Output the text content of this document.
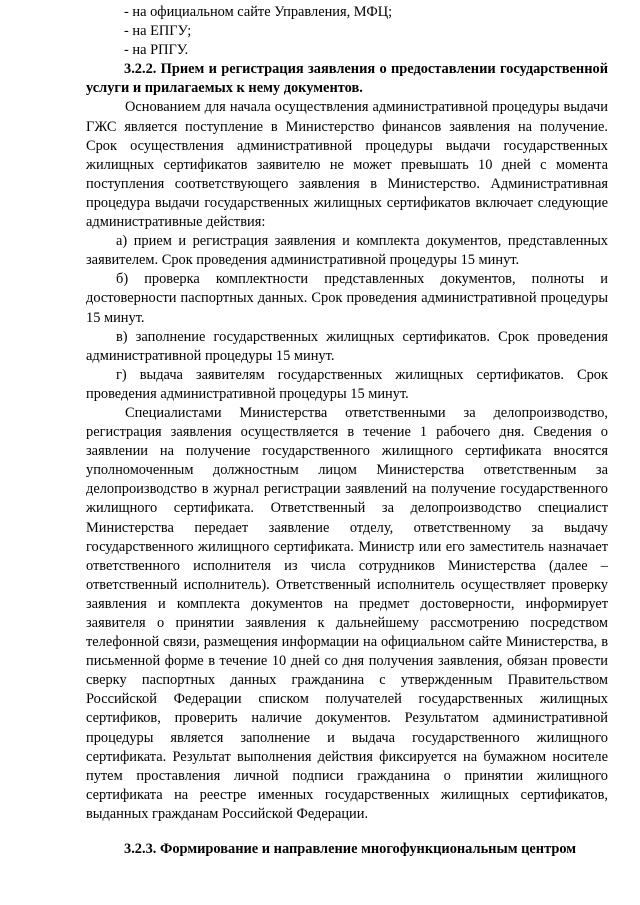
- на официальном сайте Управления, МФЦ;

- на ЕПГУ;

- на РПГУ.

3.2.2. Прием и регистрация заявления о предоставлении государственной услуги и прилагаемых к нему документов.

Основанием для начала осуществления административной процедуры выдачи ГЖС является поступление в Министерство финансов заявления на получение. Срок осуществления административной процедуры выдачи государственных жилищных сертификатов заявителю не может превышать 10 дней с момента поступления соответствующего заявления в Министерство. Административная процедура выдачи государственных жилищных сертификатов включает следующие административные действия:

а) прием и регистрация заявления и комплекта документов, представленных заявителем. Срок проведения административной процедуры 15 минут.

б) проверка комплектности представленных документов, полноты и достоверности паспортных данных. Срок проведения административной процедуры 15 минут.

в) заполнение государственных жилищных сертификатов. Срок проведения административной процедуры 15 минут.

г) выдача заявителям государственных жилищных сертификатов. Срок проведения административной процедуры 15 минут.

Специалистами Министерства ответственными за делопроизводство, регистрация заявления осуществляется в течение 1 рабочего дня. Сведения о заявлении на получение государственного жилищного сертификата вносятся уполномоченным должностным лицом Министерства ответственным за делопроизводство в журнал регистрации заявлений на получение государственного жилищного сертификата. Ответственный за делопроизводство специалист Министерства передает заявление отделу, ответственному за выдачу государственного жилищного сертификата. Министр или его заместитель назначает ответственного исполнителя из числа сотрудников Министерства (далее – ответственный исполнитель). Ответственный исполнитель осуществляет проверку заявления и комплекта документов на предмет достоверности, информирует заявителя о принятии заявления к дальнейшему рассмотрению посредством телефонной связи, размещения информации на официальном сайте Министерства, в письменной форме в течение 10 дней со дня получения заявления, обязан провести сверку паспортных данных гражданина с утвержденным Правительством Российской Федерации списком получателей государственных жилищных сертификов, проверить наличие документов. Результатом административной процедуры является заполнение и выдача государственного жилищного сертификата. Результат выполнения действия фиксируется на бумажном носителе путем проставления личной подписи гражданина о принятии жилищного сертификата на реестре именных государственных жилищных сертификатов, выданных гражданам Российской Федерации.

3.2.3. Формирование и направление многофункциональным центром
